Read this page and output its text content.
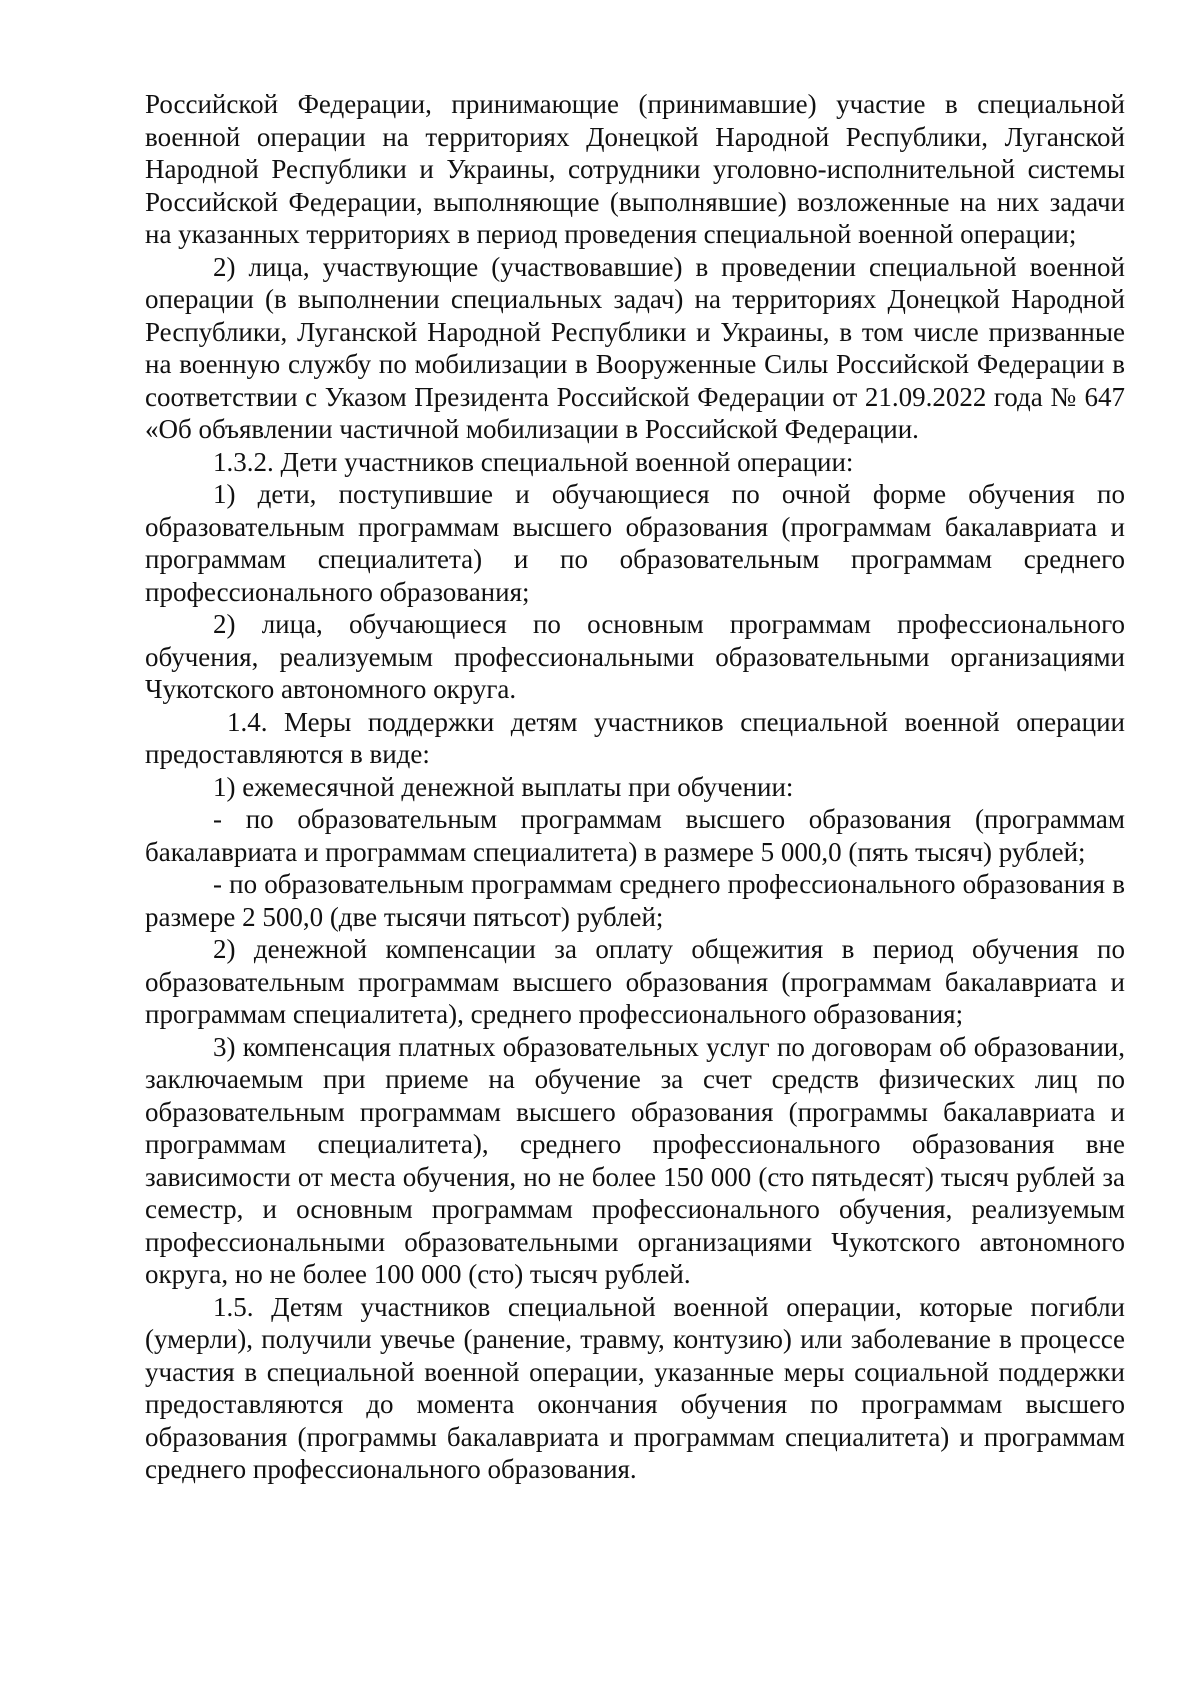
Российской Федерации, принимающие (принимавшие) участие в специальной военной операции на территориях Донецкой Народной Республики, Луганской Народной Республики и Украины, сотрудники уголовно-исполнительной системы Российской Федерации, выполняющие (выполнявшие) возложенные на них задачи на указанных территориях в период проведения специальной военной операции;

2) лица, участвующие (участвовавшие) в проведении специальной военной операции (в выполнении специальных задач) на территориях Донецкой Народной Республики, Луганской Народной Республики и Украины, в том числе призванные на военную службу по мобилизации в Вооруженные Силы Российской Федерации в соответствии с Указом Президента Российской Федерации от 21.09.2022 года № 647 «Об объявлении частичной мобилизации в Российской Федерации.

1.3.2. Дети участников специальной военной операции:

1) дети, поступившие и обучающиеся по очной форме обучения по образовательным программам высшего образования (программам бакалавриата и программам специалитета) и по образовательным программам среднего профессионального образования;

2) лица, обучающиеся по основным программам профессионального обучения, реализуемым профессиональными образовательными организациями Чукотского автономного округа.

1.4. Меры поддержки детям участников специальной военной операции предоставляются в виде:

1) ежемесячной денежной выплаты при обучении:

- по образовательным программам высшего образования (программам бакалавриата и программам специалитета) в размере 5 000,0 (пять тысяч) рублей;

- по образовательным программам среднего профессионального образования в размере 2 500,0 (две тысячи пятьсот) рублей;

2) денежной компенсации за оплату общежития в период обучения по образовательным программам высшего образования (программам бакалавриата и программам специалитета), среднего профессионального образования;

3) компенсация платных образовательных услуг по договорам об образовании, заключаемым при приеме на обучение за счет средств физических лиц по образовательным программам высшего образования (программы бакалавриата и программам специалитета), среднего профессионального образования вне зависимости от места обучения, но не более 150 000 (сто пятьдесят) тысяч рублей за семестр, и основным программам профессионального обучения, реализуемым профессиональными образовательными организациями Чукотского автономного округа, но не более 100 000 (сто) тысяч рублей.

1.5. Детям участников специальной военной операции, которые погибли (умерли), получили увечье (ранение, травму, контузию) или заболевание в процессе участия в специальной военной операции, указанные меры социальной поддержки предоставляются до момента окончания обучения по программам высшего образования (программы бакалавриата и программам специалитета) и программам среднего профессионального образования.
